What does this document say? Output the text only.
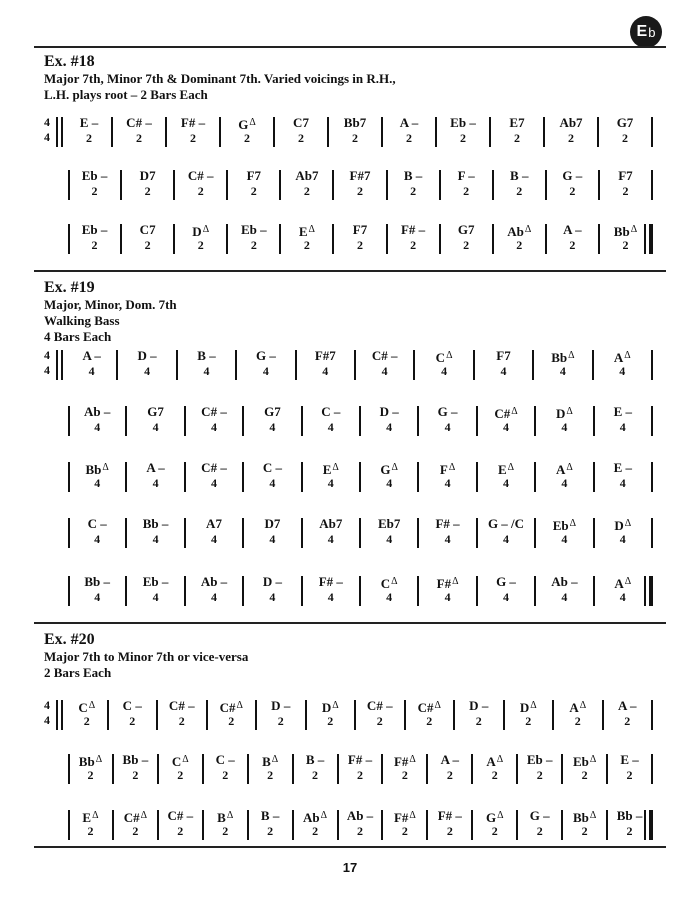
E b
Ex. #18
Major 7th, Minor 7th & Dominant 7th. Varied voicings in R.H.,
L.H. plays root – 2 Bars Each
4
4
E –
2
C# –
2
F# –
2
$G^\Delta$
2
C7
2
Bb7
2
A –
2
Eb –
2
E7
2
Ab7
2
G7
2
Eb –
2
D7
2
C# –
2
F7
2
Ab7
2
F#7
2
B –
2
F –
2
B –
2
G –
2
F7
2
Eb –
2
C7
2
$D^\Delta$
2
Eb –
2
$E^\Delta$
2
F7
2
F# –
2
G7
2
$Ab^\Delta$
2
A –
2
$Bb^\Delta$
2
Ex. #19
Major, Minor, Dom. 7th
Walking Bass
4 Bars Each
4
4
A –
4
D –
4
B –
4
G –
4
F#7
4
C# –
4
$C^\Delta$
4
F7
4
$Bb^\Delta$
4
$A^\Delta$
4
Ab –
4
G7
4
C# –
4
G7
4
C –
4
D –
4
G –
4
C#$^\Delta$
4
$D^\Delta$
4
E –
4
$Bb^\Delta$
4
A –
4
C# –
4
C –
4
$E^\Delta$
4
$G^\Delta$
4
$F^\Delta$
4
$E^\Delta$
4
$A^\Delta$
4
E –
4
C –
4
Bb –
4
A7
4
D7
4
Ab7
4
Eb7
4
F# –
4
G – /C
4
$Eb^\Delta$
4
$D^\Delta$
4
Bb –
4
Eb –
4
Ab –
4
D –
4
F# –
4
$C^\Delta$
4
F#$^\Delta$
4
G –
4
Ab –
4
$A^\Delta$
4
Ex. #20
Major 7th to Minor 7th or vice-versa
2 Bars Each
4
4
$C^\Delta$
2
C –
2
C# –
2
C#$^\Delta$
2
D –
2
$D^\Delta$
2
C# –
2
C#$^\Delta$
2
D –
2
$D^\Delta$
2
$A^\Delta$
2
A –
2
$Bb^\Delta$
2
Bb –
2
$C^\Delta$
2
C –
2
$B^\Delta$
2
B –
2
F# –
2
F#$^\Delta$
2
A –
2
$A^\Delta$
2
Eb –
2
$Eb^\Delta$
2
E –
2
$E^\Delta$
2
C#$^\Delta$
2
C# –
2
$B^\Delta$
2
B –
2
$Ab^\Delta$
2
Ab –
2
F#$^\Delta$
2
F# –
2
$G^\Delta$
2
G –
2
$Bb^\Delta$
2
Bb –
2
17
